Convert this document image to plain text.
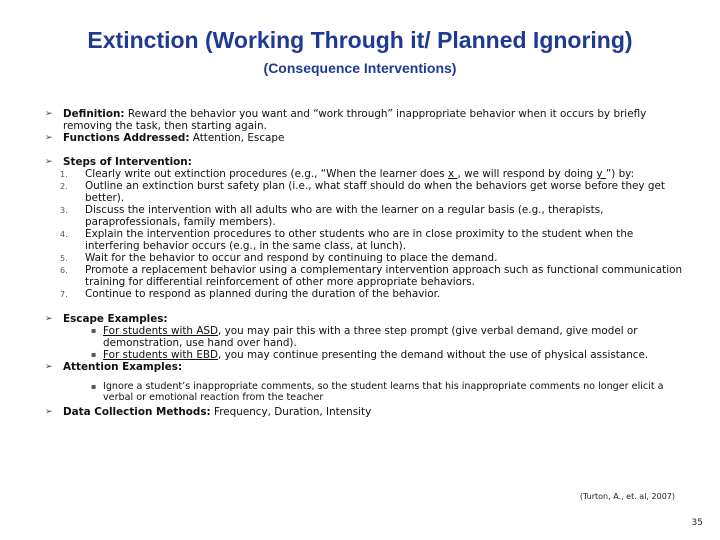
Extinction (Working Through it/ Planned Ignoring)
(Consequence Interventions)
➢ Definition: Reward the behavior you want and “work through” inappropriate behavior when it occurs by briefly removing the task, then starting again.
➢ Functions Addressed: Attention, Escape
➢ Steps of Intervention:
1. Clearly write out extinction procedures (e.g., “When the learner does x , we will respond by doing y ”) by:
2. Outline an extinction burst safety plan (i.e., what staff should do when the behaviors get worse before they get better).
3. Discuss the intervention with all adults who are with the learner on a regular basis (e.g., therapists, paraprofessionals, family members).
4. Explain the intervention procedures to other students who are in close proximity to the student when the interfering behavior occurs (e.g., in the same class, at lunch).
5. Wait for the behavior to occur and respond by continuing to place the demand.
6. Promote a replacement behavior using a complementary intervention approach such as functional communication training for differential reinforcement of other more appropriate behaviors.
7. Continue to respond as planned during the duration of the behavior.
➢ Escape Examples:
▪ For students with ASD, you may pair this with a three step prompt (give verbal demand, give model or demonstration, use hand over hand).
▪ For students with EBD, you may continue presenting the demand without the use of physical assistance.
➢ Attention Examples:
▪ Ignore a student’s inappropriate comments, so the student learns that his inappropriate comments no longer elicit a verbal or emotional reaction from the teacher
➢ Data Collection Methods: Frequency, Duration, Intensity
(Turton, A., et. al, 2007)
35
